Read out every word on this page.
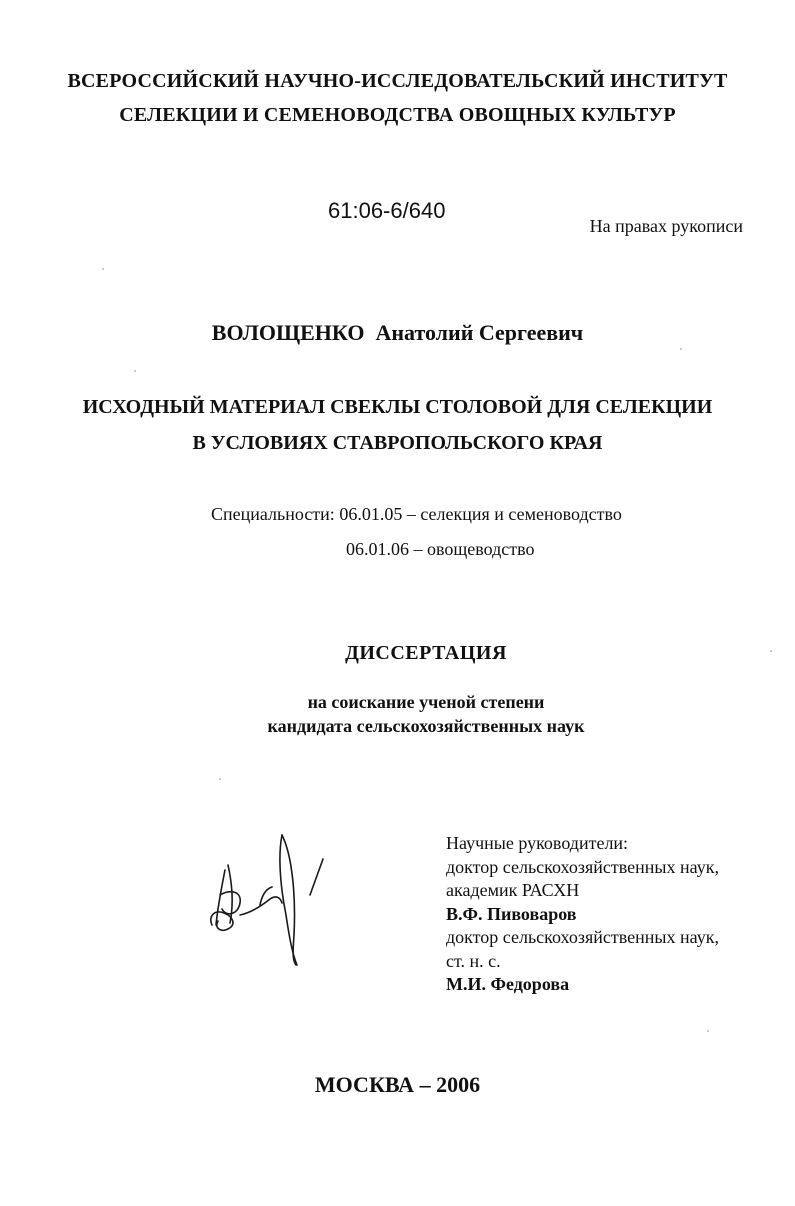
ВСЕРОССИЙСКИЙ НАУЧНО-ИССЛЕДОВАТЕЛЬСКИЙ ИНСТИТУТ
СЕЛЕКЦИИ И СЕМЕНОВОДСТВА ОВОЩНЫХ КУЛЬТУР
61:06-6/640
На правах рукописи
ВОЛОЩЕНКО Анатолий Сергеевич
ИСХОДНЫЙ МАТЕРИАЛ СВЕКЛЫ СТОЛОВОЙ ДЛЯ СЕЛЕКЦИИ
В УСЛОВИЯХ СТАВРОПОЛЬСКОГО КРАЯ
Специальности: 06.01.05 – селекция и семеноводство
06.01.06 – овощеводство
ДИССЕРТАЦИЯ
на соискание ученой степени
кандидата сельскохозяйственных наук
Научные руководители:
доктор сельскохозяйственных наук,
академик РАСХН
В.Ф. Пивоваров
доктор сельскохозяйственных наук,
ст. н. с.
М.И. Федорова
МОСКВА – 2006
